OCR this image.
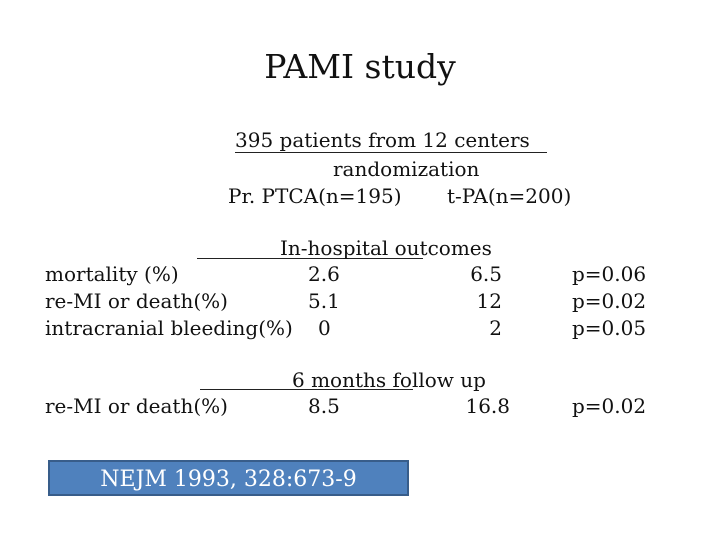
PAMI study
395 patients from 12 centers
randomization
Pr. PTCA(n=195) t-PA(n=200)
In-hospital outcomes
mortality (%)	2.6	6.5	p=0.06
re-MI or death(%)	5.1	12	p=0.02
intracranial bleeding(%) 0	2	p=0.05
6 months follow up
re-MI or death(%)	8.5	16.8	p=0.02
NEJM 1993, 328:673-9
